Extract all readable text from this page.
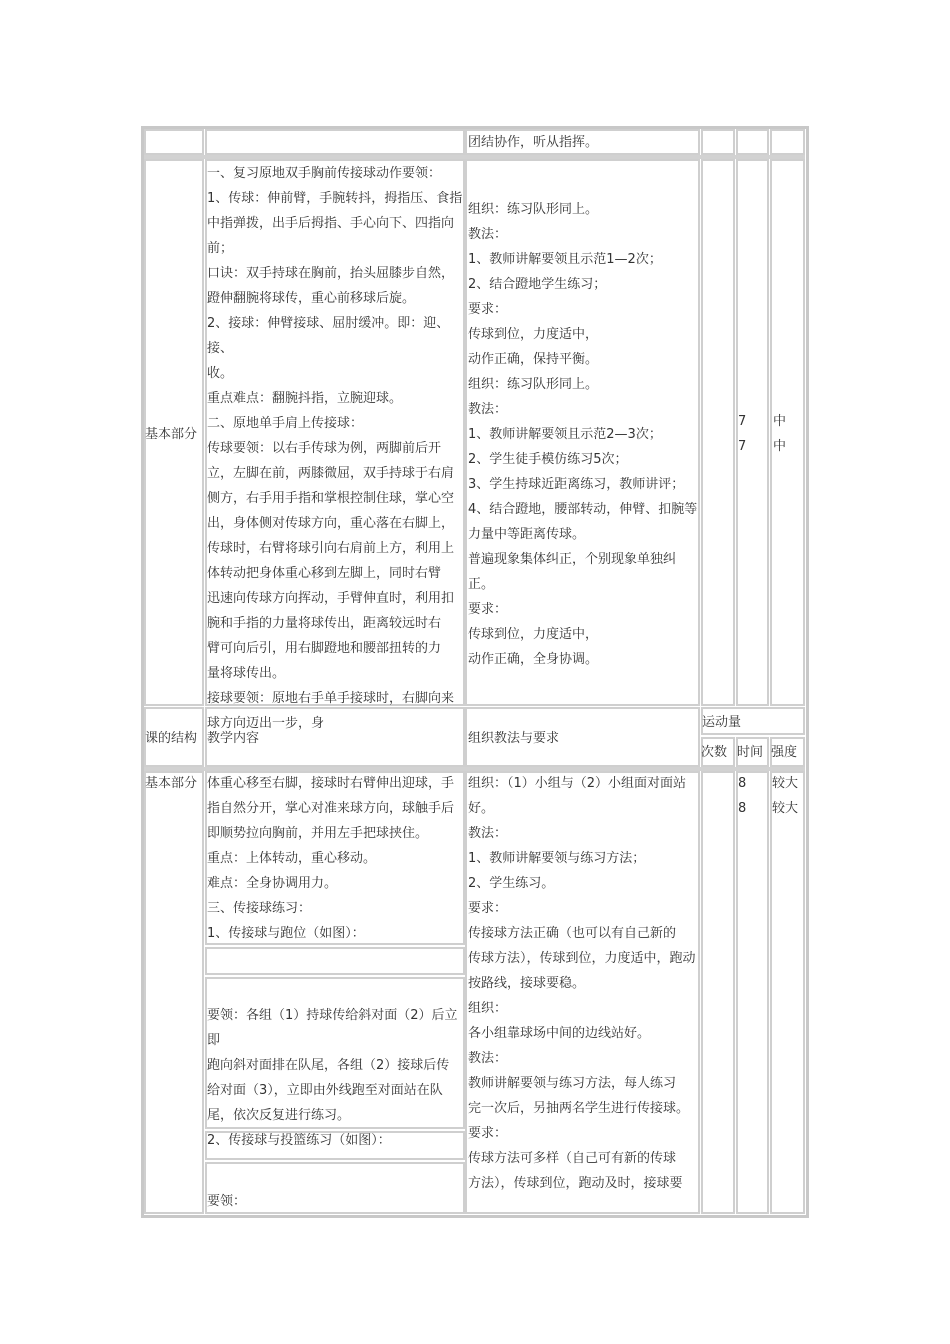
团结协作，听从指挥。
基本部分
一、复习原地双手胸前传接球动作要领：
1、传球：伸前臂，手腕转抖，拇指压、食指
中指弹拨，出手后拇指、手心向下、四指向
前；
口诀：双手持球在胸前，抬头屈膝步自然，
蹬伸翻腕将球传，重心前移球后旋。
2、接球：伸臂接球、屈肘缓冲。即：迎、接、
收。
重点难点：翻腕抖指，立腕迎球。
二、原地单手肩上传接球：
传球要领：以右手传球为例，两脚前后开
立，左脚在前，两膝微屈，双手持球于右肩
侧方，右手用手指和掌根控制住球，掌心空
出，身体侧对传球方向，重心落在右脚上，
传球时，右臂将球引向右肩前上方，利用上
体转动把身体重心移到左脚上，同时右臂
迅速向传球方向挥动，手臂伸直时，利用扣
腕和手指的力量将球传出，距离较远时右
臂可向后引，用右脚蹬地和腰部扭转的力
量将球传出。
接球要领：原地右手单手接球时，右脚向来
球方向迈出一步，身
组织：练习队形同上。
教法：
1、教师讲解要领且示范1—2次；
2、结合蹬地学生练习；
要求：
传球到位，力度适中，
动作正确，保持平衡。
组织：练习队形同上。
教法：
1、教师讲解要领且示范2—3次；
2、学生徒手模仿练习5次；
3、学生持球近距离练习，教师讲评；
4、结合蹬地，腰部转动，伸臂、扣腕等
力量中等距离传球。
普遍现象集体纠正，个别现象单独纠
正。
要求：
传球到位，力度适中，
动作正确，全身协调。
7
7
中
中
课的结构 教学内容	组织教法与要求
运动量
次数 时间 强度
基本部分 体重心移至右脚，接球时右臂伸出迎球，手
指自然分开，掌心对准来球方向，球触手后
即顺势拉向胸前，并用左手把球挟住。
重点：上体转动，重心移动。
难点：全身协调用力。
三、传接球练习：
1、传接球与跑位（如图）：
要领：各组（1）持球传给斜对面（2）后立即
跑向斜对面排在队尾，各组（2）接球后传
给对面（3），立即由外线跑至对面站在队
尾，依次反复进行练习。
2、传接球与投篮练习（如图）：
要领：
组织：（1）小组与（2）小组面对面站
好。
教法：
1、教师讲解要领与练习方法；
2、学生练习。
要求：
传接球方法正确（也可以有自己新的
传球方法），传球到位，力度适中，跑动
按路线，接球要稳。
组织：
各小组靠球场中间的边线站好。
教法：
教师讲解要领与练习方法，每人练习
完一次后，另抽两名学生进行传接球。
要求：
传球方法可多样（自己可有新的传球
方法），传球到位，跑动及时，接球要
8
8
较大
较大
